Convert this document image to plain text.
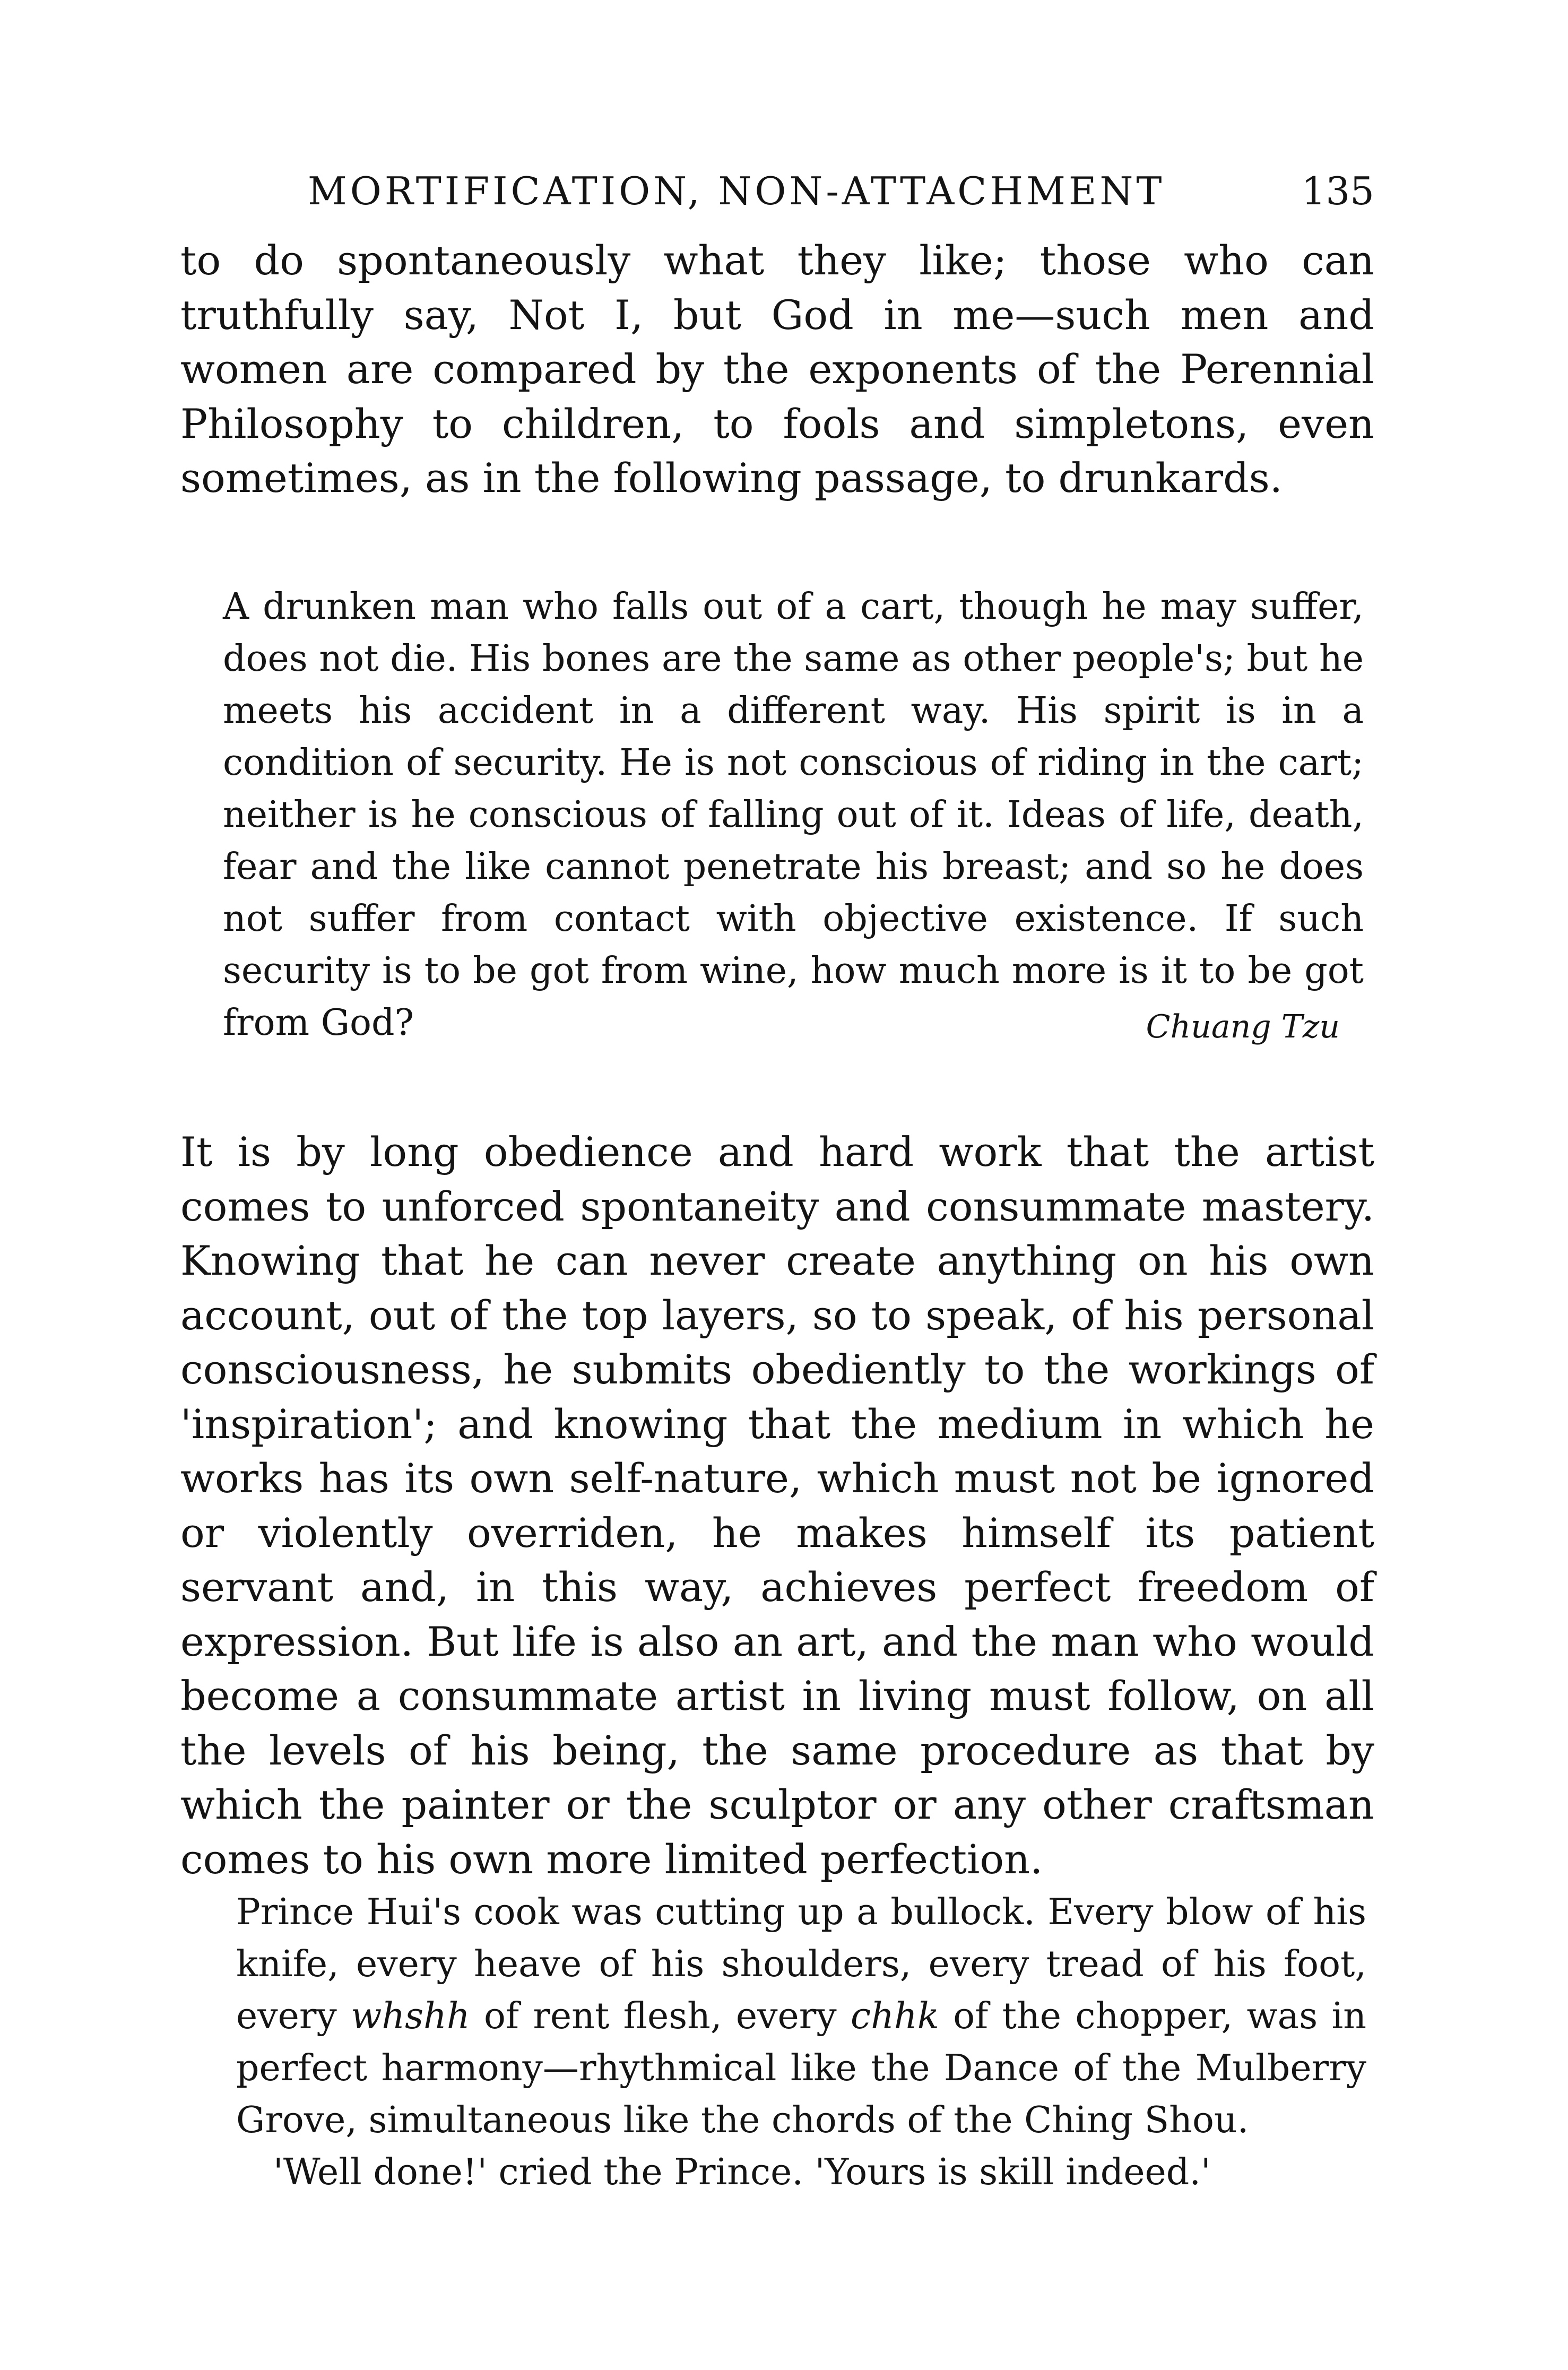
MORTIFICATION, NON-ATTACHMENT	135

to do spontaneously what they like; those who can truthfully say, Not I, but God in me—such men and women are compared by the exponents of the Perennial Philosophy to children, to fools and simpletons, even sometimes, as in the following passage, to drunkards.

A drunken man who falls out of a cart, though he may suffer, does not die. His bones are the same as other people's; but he meets his accident in a different way. His spirit is in a condition of security. He is not conscious of riding in the cart; neither is he conscious of falling out of it. Ideas of life, death, fear and the like cannot penetrate his breast; and so he does not suffer from contact with objective existence. If such security is to be got from wine, how much more is it to be got from God?	Chuang Tzu

It is by long obedience and hard work that the artist comes to unforced spontaneity and consummate mastery. Knowing that he can never create anything on his own account, out of the top layers, so to speak, of his personal consciousness, he submits obediently to the workings of 'inspiration'; and knowing that the medium in which he works has its own self-nature, which must not be ignored or violently overriden, he makes himself its patient servant and, in this way, achieves perfect freedom of expression. But life is also an art, and the man who would become a consummate artist in living must follow, on all the levels of his being, the same procedure as that by which the painter or the sculptor or any other craftsman comes to his own more limited perfection.

Prince Hui's cook was cutting up a bullock. Every blow of his knife, every heave of his shoulders, every tread of his foot, every whshh of rent flesh, every chhk of the chopper, was in perfect harmony—rhythmical like the Dance of the Mulberry Grove, simultaneous like the chords of the Ching Shou.

'Well done!' cried the Prince. 'Yours is skill indeed.'
